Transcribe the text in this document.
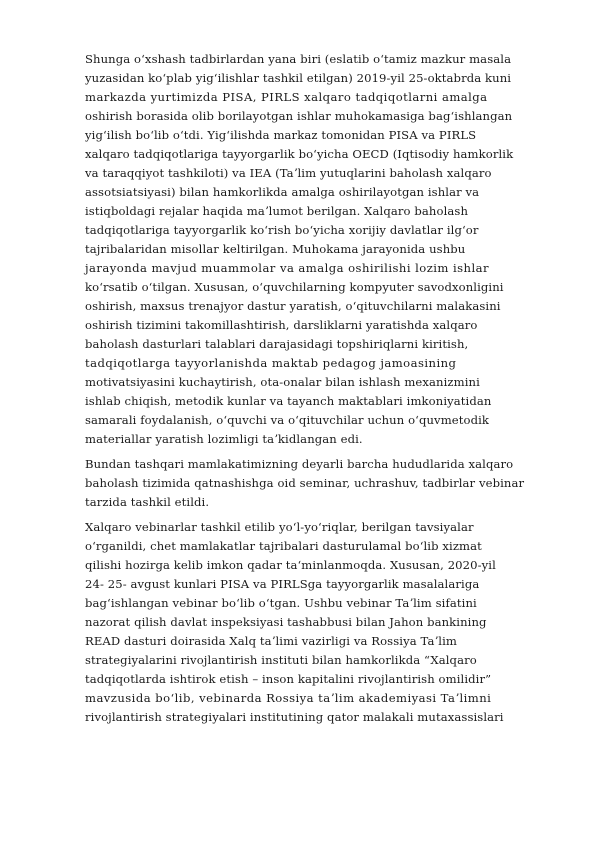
Shunga oʻxshash tadbirlardan yana biri (eslatib oʻtamiz mazkur masala
yuzasidan koʻplab yigʻilishlar tashkil etilgan) 2019-yil 25-oktabrda kuni
markazda yurtimizda PISA, PIRLS xalqaro tadqiqotlarni amalga
oshirish borasida olib borilayotgan ishlar muhokamasiga bagʻishlangan
yigʻilish boʻlib oʻtdi. Yigʻilishda markaz tomonidan PISA va PIRLS
xalqaro tadqiqotlariga tayyorgarlik boʻyicha OECD (Iqtisodiy hamkorlik
va taraqqiyot tashkiloti) va IEA (Taʼlim yutuqlarini baholash xalqaro
assotsiatsiyasi) bilan hamkorlikda amalga oshirilayotgan ishlar va
istiqboldagi rejalar haqida maʼlumot berilgan. Xalqaro baholash
tadqiqotlariga tayyorgarlik koʻrish boʻyicha xorijiy davlatlar ilgʻor
tajribalaridan misollar keltirilgan. Muhokama jarayonida ushbu
jarayonda mavjud muammolar va amalga oshirilishi lozim ishlar
koʻrsatib oʻtilgan. Xususan, oʻquvchilarning kompyuter savodxonligini
oshirish, maxsus trenajyor dastur yaratish, oʻqituvchilarni malakasini
oshirish tizimini takomillashtirish, darsliklarni yaratishda xalqaro
baholash dasturlari talablari darajasidagi topshiriqlarni kiritish,
tadqiqotlarga tayyorlanishda maktab pedagog jamoasining
motivatsiyasini kuchaytirish, ota-onalar bilan ishlash mexanizmini
ishlab chiqish, metodik kunlar va tayanch maktablari imkoniyatidan
samarali foydalanish, oʻquvchi va oʻqituvchilar uchun oʻquvmetodik
materiallar yaratish lozimligi taʼkidlangan edi.
Bundan tashqari mamlakatimizning deyarli barcha hududlarida xalqaro
baholash tizimida qatnashishga oid seminar, uchrashuv, tadbirlar vebinar
tarzida tashkil etildi.
Xalqaro vebinarlar tashkil etilib yoʻl-yoʻriqlar, berilgan tavsiyalar
oʻrganildi, chet mamlakatlar tajribalari dasturulamal boʻlib xizmat
qilishi hozirga kelib imkon qadar taʻminlanmoqda. Xususan, 2020-yil
24- 25- avgust kunlari PISA va PIRLSga tayyorgarlik masalalariga
bagʻishlangan vebinar boʻlib oʻtgan. Ushbu vebinar Taʼlim sifatini
nazorat qilish davlat inspeksiyasi tashabbusi bilan Jahon bankining
READ dasturi doirasida Xalq taʼlimi vazirligi va Rossiya Taʼlim
strategiyalarini rivojlantirish instituti bilan hamkorlikda “Xalqaro
tadqiqotlarda ishtirok etish – inson kapitalini rivojlantirish omilidir”
mavzusida boʻlib, vebinarda Rossiya taʼlim akademiyasi Taʼlimni
rivojlantirish strategiyalari institutining qator malakali mutaxassislari
